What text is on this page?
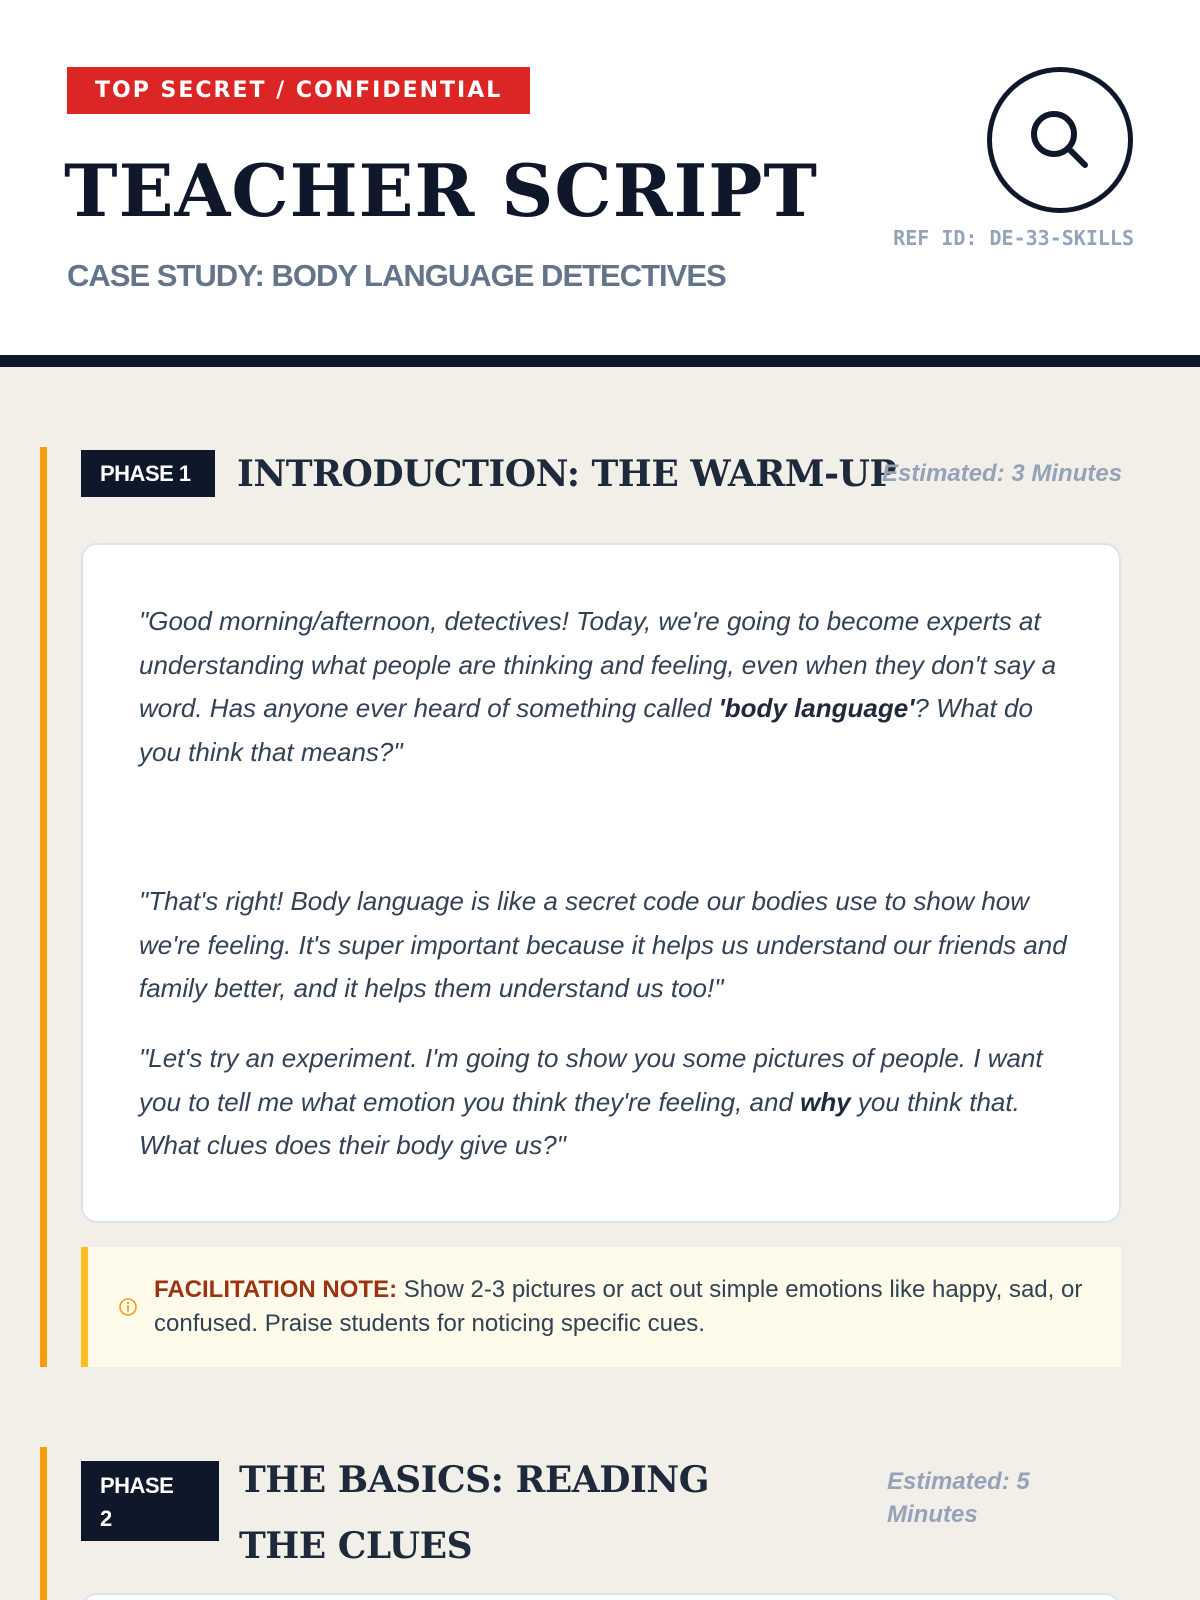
TOP SECRET / CONFIDENTIAL
TEACHER SCRIPT
CASE STUDY: BODY LANGUAGE DETECTIVES
REF ID: DE-33-SKILLS
PHASE 1	INTRODUCTION: THE WARM-UP
Estimated: 3 Minutes

"Good morning/afternoon, detectives! Today, we're going to become experts at understanding what people are thinking and feeling, even when they don't say a word. Has anyone ever heard of something called 'body language'? What do you think that means?"

"That's right! Body language is like a secret code our bodies use to show how we're feeling. It's super important because it helps us understand our friends and family better, and it helps them understand us too!"

"Let's try an experiment. I'm going to show you some pictures of people. I want you to tell me what emotion you think they're feeling, and why you think that. What clues does their body give us?"

FACILITATION NOTE: Show 2-3 pictures or act out simple emotions like happy, sad, or confused. Praise students for noticing specific cues.

PHASE
2
THE BASICS: READING THE CLUES
Estimated: 5 Minutes
